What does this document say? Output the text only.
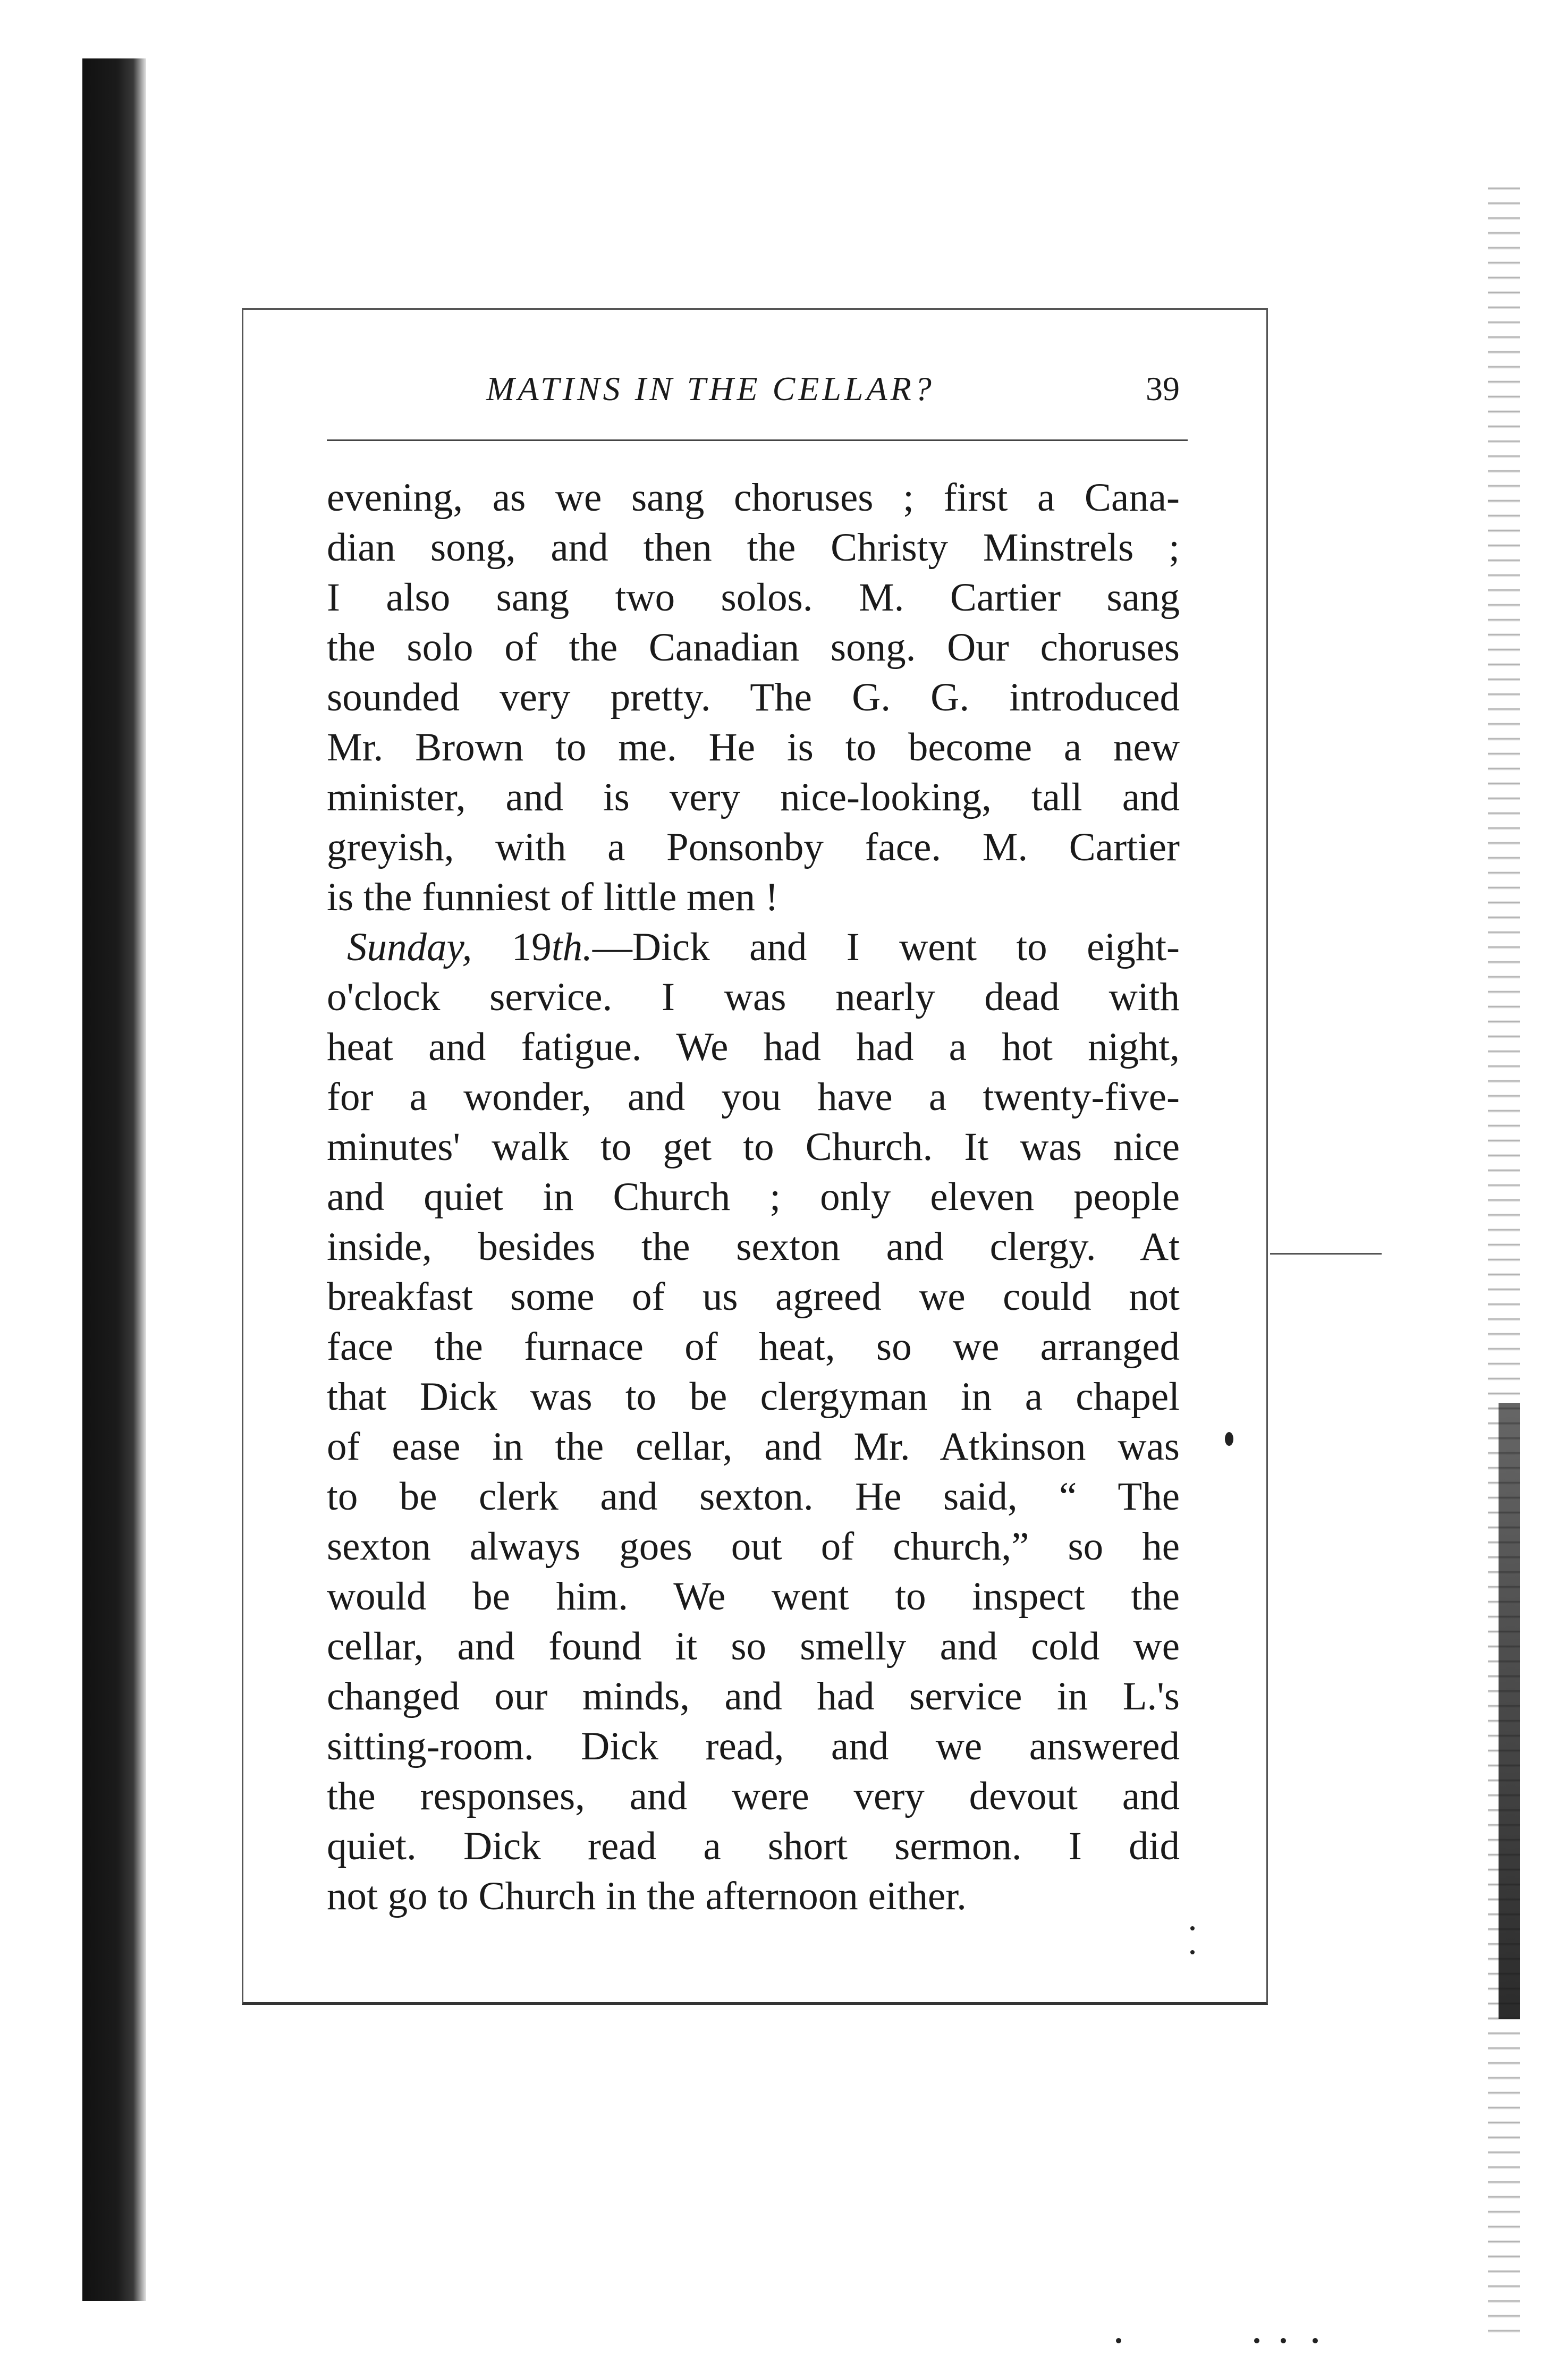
MATINS IN THE CELLAR?	39
evening, as we sang choruses ; first a Cana-
dian song, and then the Christy Minstrels ;
I also sang two solos. M. Cartier sang
the solo of the Canadian song. Our choruses
sounded very pretty. The G. G. introduced
Mr. Brown to me. He is to become a new
minister, and is very nice-looking, tall and
greyish, with a Ponsonby face. M. Cartier
is the funniest of little men !
Sunday, 19th.—Dick and I went to eight-
o'clock service. I was nearly dead with
heat and fatigue. We had had a hot night,
for a wonder, and you have a twenty-five-
minutes' walk to get to Church. It was nice
and quiet in Church ; only eleven people
inside, besides the sexton and clergy. At
breakfast some of us agreed we could not
face the furnace of heat, so we arranged
that Dick was to be clergyman in a chapel
of ease in the cellar, and Mr. Atkinson was
to be clerk and sexton. He said, “ The
sexton always goes out of church,” so he
would be him. We went to inspect the
cellar, and found it so smelly and cold we
changed our minds, and had service in L.'s
sitting-room. Dick read, and we answered
the responses, and were very devout and
quiet. Dick read a short sermon. I did
not go to Church in the afternoon either.
